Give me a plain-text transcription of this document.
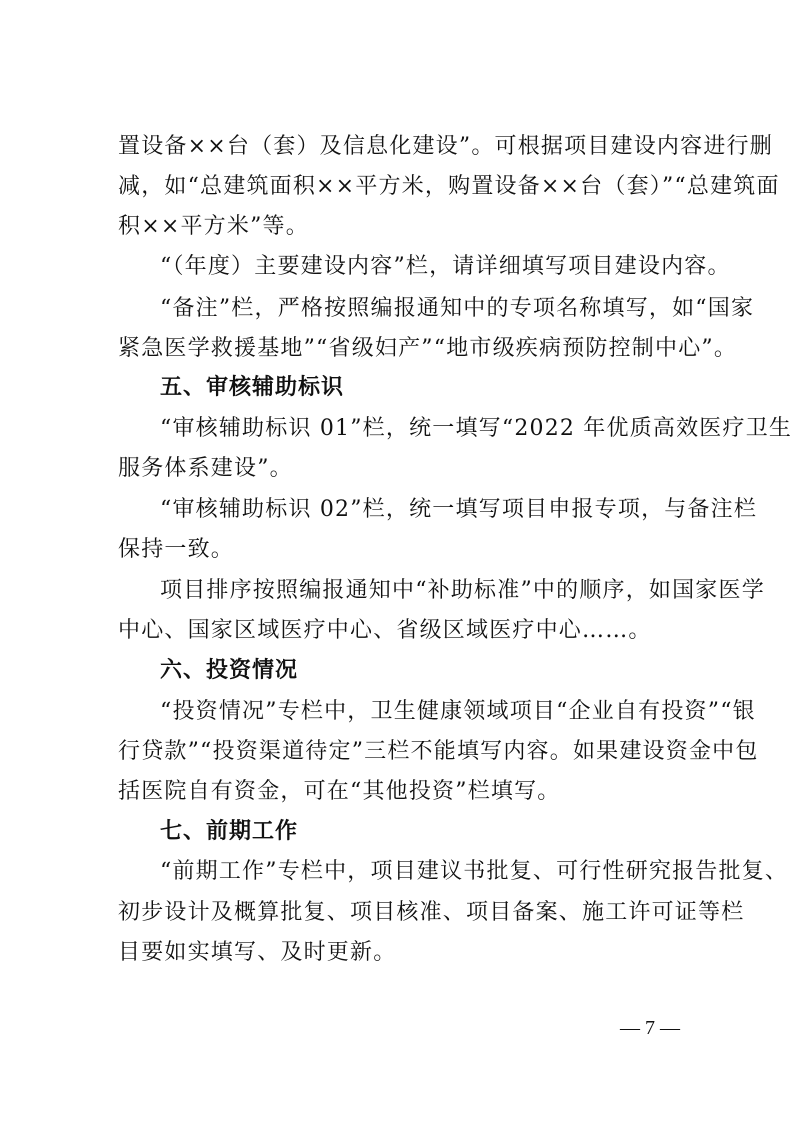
置设备××台（套）及信息化建设”。可根据项目建设内容进行删
减，如“总建筑面积××平方米，购置设备××台（套）”“总建筑面
积××平方米”等。
“（年度）主要建设内容”栏，请详细填写项目建设内容。
“备注”栏，严格按照编报通知中的专项名称填写，如“国家
紧急医学救援基地”“省级妇产”“地市级疾病预防控制中心”。
五、审核辅助标识
“审核辅助标识 01”栏，统一填写“2022 年优质高效医疗卫生
服务体系建设”。
“审核辅助标识 02”栏，统一填写项目申报专项，与备注栏
保持一致。
项目排序按照编报通知中“补助标准”中的顺序，如国家医学
中心、国家区域医疗中心、省级区域医疗中心……。
六、投资情况
“投资情况”专栏中，卫生健康领域项目“企业自有投资”“银
行贷款”“投资渠道待定”三栏不能填写内容。如果建设资金中包
括医院自有资金，可在“其他投资”栏填写。
七、前期工作
“前期工作”专栏中，项目建议书批复、可行性研究报告批复、
初步设计及概算批复、项目核准、项目备案、施工许可证等栏
目要如实填写、及时更新。
— 7 —
